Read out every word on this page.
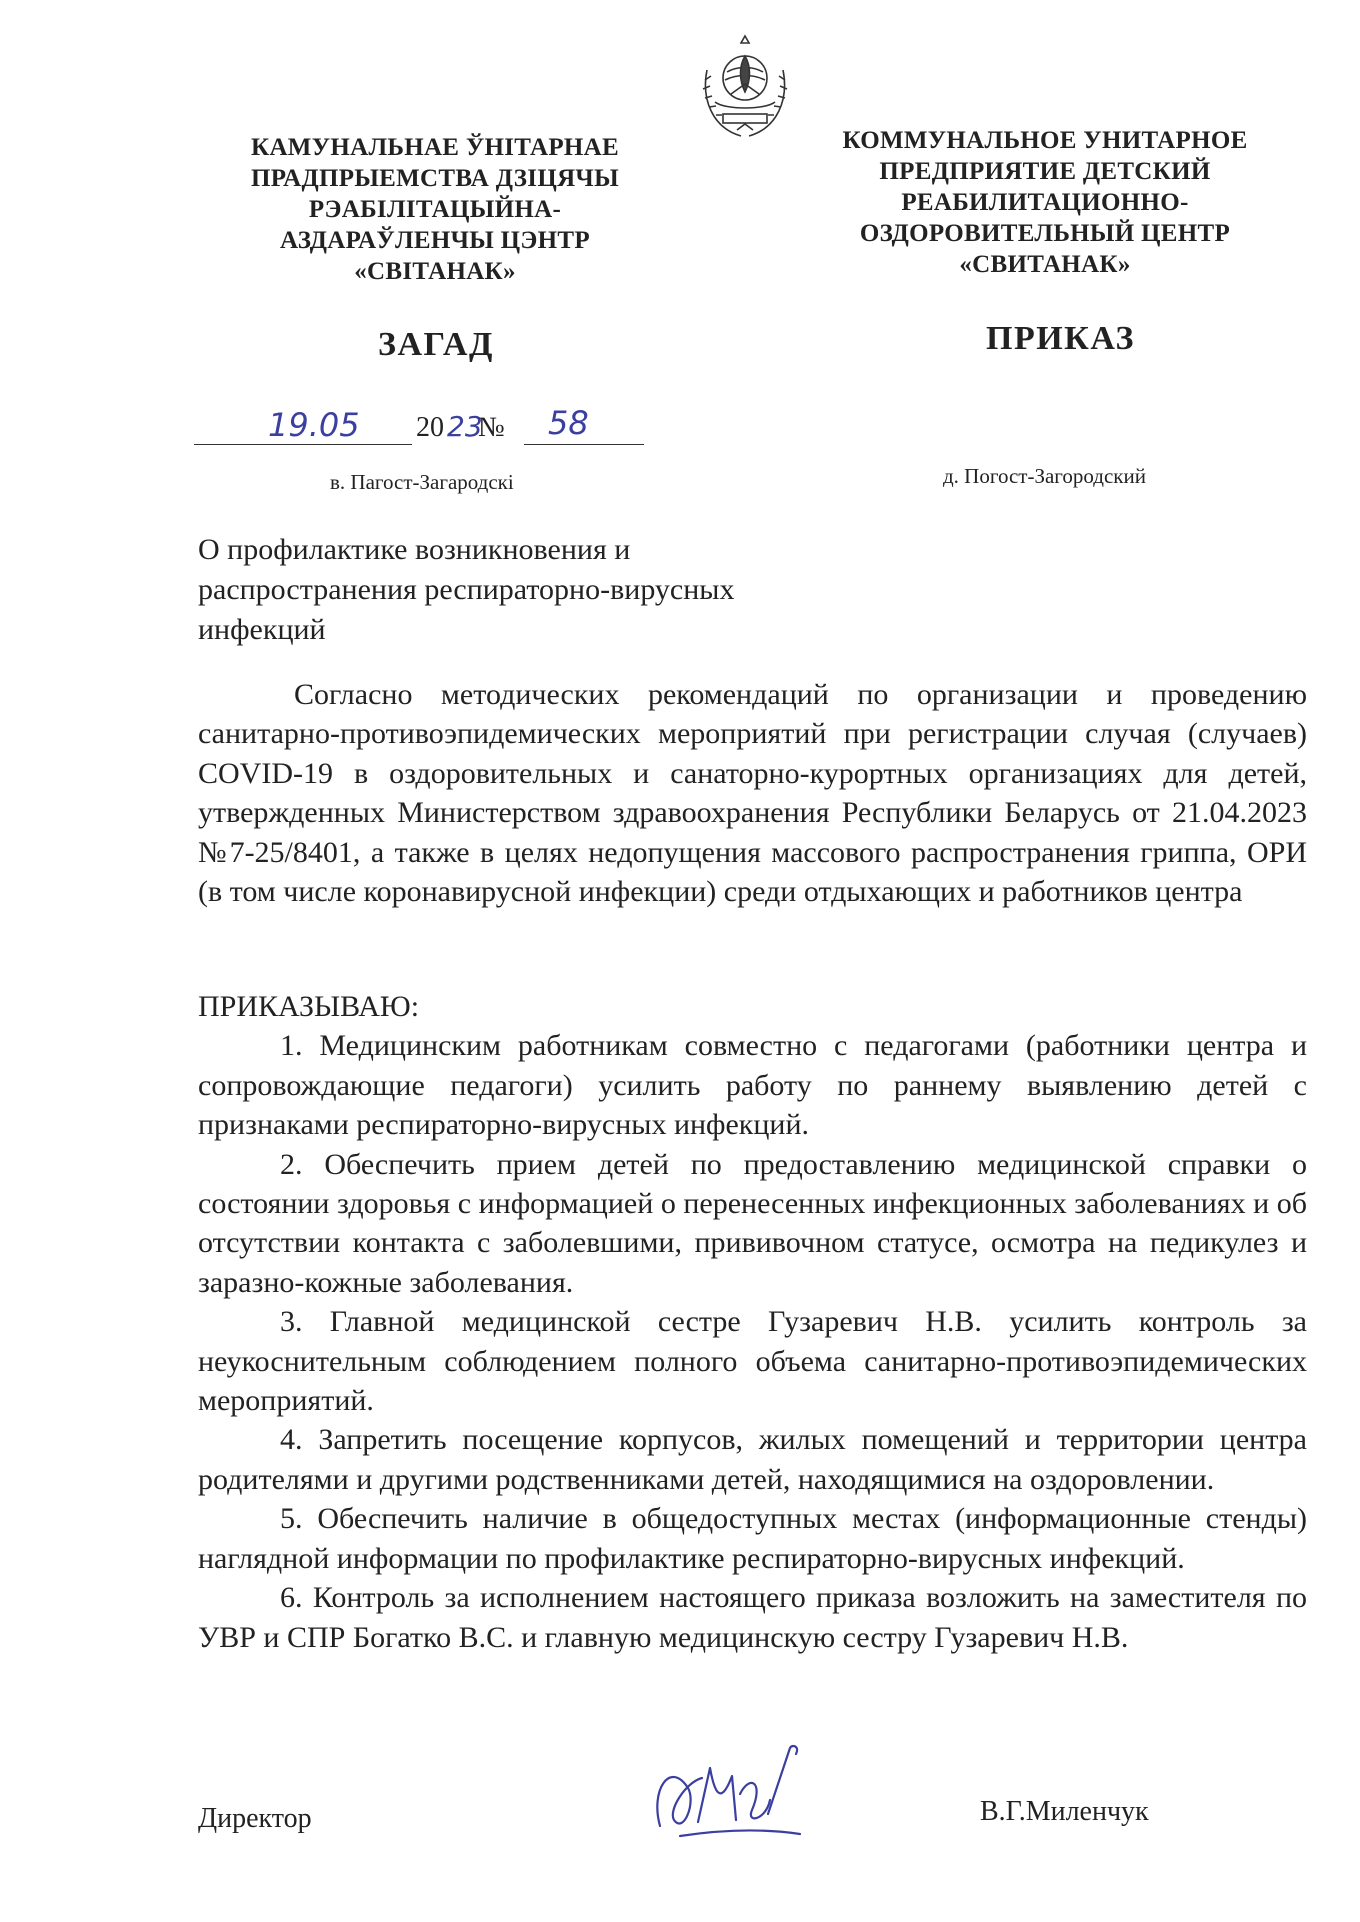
КАМУНАЛЬНАЕ ЎНІТАРНАЕ
ПРАДПРЫЕМСТВА ДЗІЦЯЧЫ
РЭАБІЛІТАЦЫЙНА-
АЗДАРАЎЛЕНЧЫ ЦЭНТР
«СВІТАНАК»
КОММУНАЛЬНОЕ УНИТАРНОЕ
ПРЕДПРИЯТИЕ ДЕТСКИЙ
РЕАБИЛИТАЦИОННО-
ОЗДОРОВИТЕЛЬНЫЙ ЦЕНТР
«СВИТАНАК»
ЗАГАД	ПРИКАЗ
19.05 20 23
№ 58
в. Пагост-Загародскі	д. Погост-Загородский
О профилактике возникновения и
распространения респираторно-вирусных
инфекций

Согласно методических рекомендаций по организации и проведению санитарно-противоэпидемических мероприятий при регистрации случая (случаев) COVID-19 в оздоровительных и санаторно-курортных организациях для детей, утвержденных Министерством здравоохранения Республики Беларусь от 21.04.2023 №7-25/8401, а также в целях недопущения массового распространения гриппа, ОРИ (в том числе коронавирусной инфекции) среди отдыхающих и работников центра

ПРИКАЗЫВАЮ:

1. Медицинским работникам совместно с педагогами (работники центра и сопровождающие педагоги) усилить работу по раннему выявлению детей с признаками респираторно-вирусных инфекций.

2. Обеспечить прием детей по предоставлению медицинской справки о состоянии здоровья с информацией о перенесенных инфекционных заболеваниях и об отсутствии контакта с заболевшими, прививочном статусе, осмотра на педикулез и заразно-кожные заболевания.

3. Главной медицинской сестре Гузаревич Н.В. усилить контроль за неукоснительным соблюдением полного объема санитарно-противоэпидемических мероприятий.

4. Запретить посещение корпусов, жилых помещений и территории центра родителями и другими родственниками детей, находящимися на оздоровлении.

5. Обеспечить наличие в общедоступных местах (информационные стенды) наглядной информации по профилактике респираторно-вирусных инфекций.

6. Контроль за исполнением настоящего приказа возложить на заместителя по УВР и СПР Богатко В.С. и главную медицинскую сестру Гузаревич Н.В.

Директор	В.Г.Миленчук
